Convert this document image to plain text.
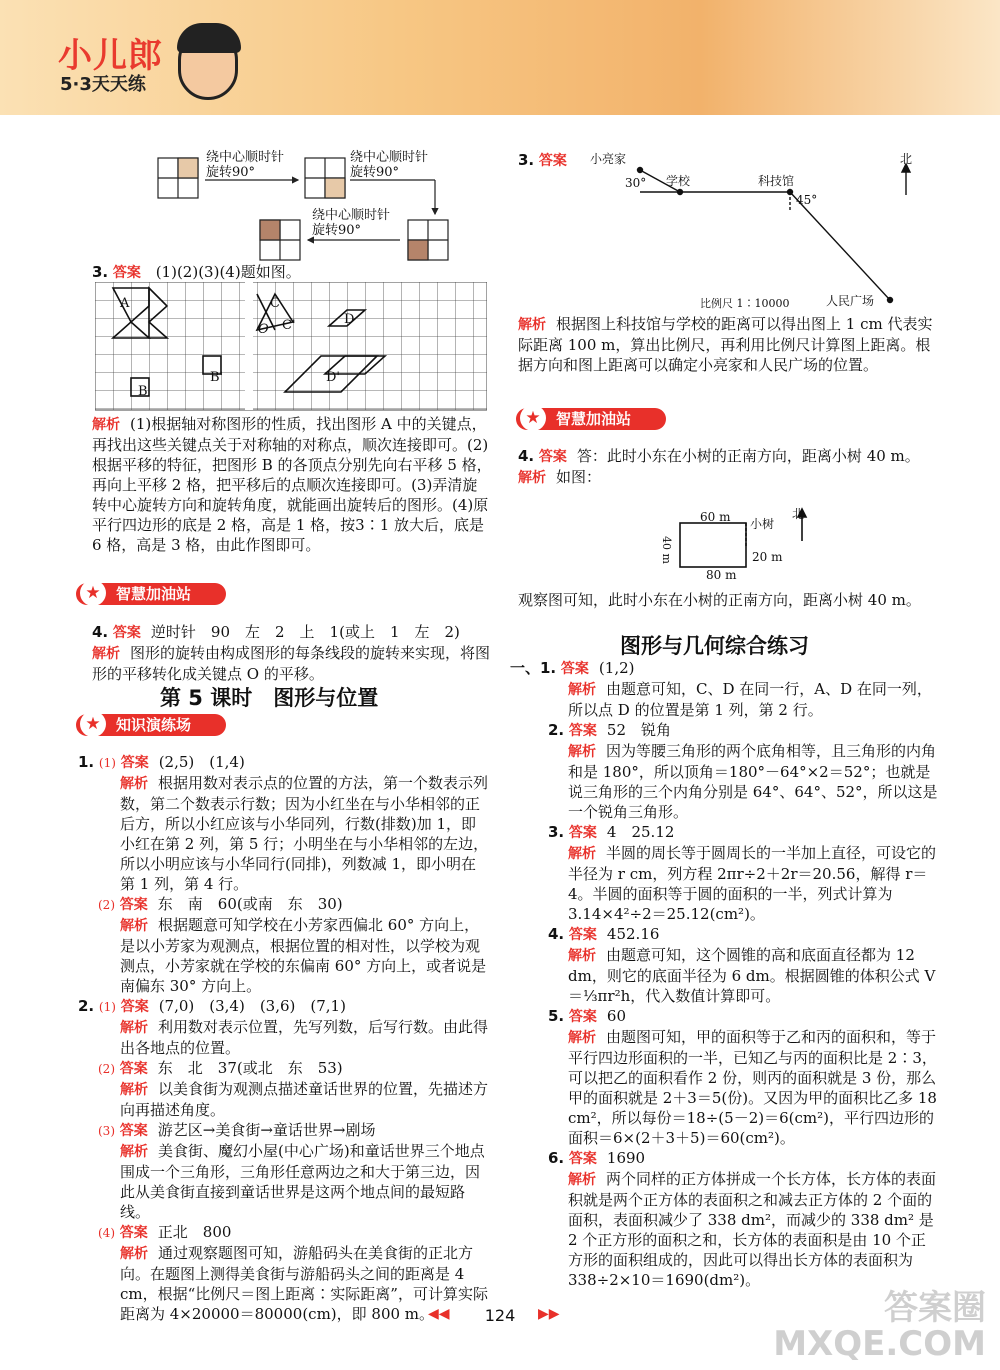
小儿郎
5·3天天练
绕中心顺时针
旋转90°
绕中心顺时针
旋转90°
绕中心顺时针
旋转90°
3. 答案 (1)(2)(3)(4)题如图。
A
O
C
C'	D
B
B'	D'
解析 (1)根据轴对称图形的性质，找出图形 A 中的关键点，再找出这些关键点关于对称轴的对称点，顺次连接即可。(2)根据平移的特征，把图形 B 的各顶点分别先向右平移 5 格，再向上平移 2 格，把平移后的点顺次连接即可。(3)弄清旋转中心旋转方向和旋转角度，就能画出旋转后的图形。(4)原平行四边形的底是 2 格，高是 1 格，按3∶1 放大后，底是 6 格，高是 3 格，由此作图即可。
★	智慧加油站
4. 答案 逆时针　90　左　2　上　1(或上　1　左　2)
解析 图形的旋转由构成图形的每条线段的旋转来实现，将图形的平移转化成关键点 O 的平移。
第 5 课时　图形与位置
★	知识演练场
1. (1) 答案 (2,5)　(1,4)
解析 根据用数对表示点的位置的方法，第一个数表示列数，第二个数表示行数；因为小红坐在与小华相邻的正后方，所以小红应该与小华同列，行数(排数)加 1，即小红在第 2 列，第 5 行；小明坐在与小华相邻的左边，所以小明应该与小华同行(同排)，列数减 1，即小明在第 1 列，第 4 行。
(2) 答案 东　南　60(或南　东　30)
解析 根据题意可知学校在小芳家西偏北 60° 方向上，是以小芳家为观测点，根据位置的相对性，以学校为观测点，小芳家就在学校的东偏南 60° 方向上，或者说是南偏东 30° 方向上。
2. (1) 答案 (7,0)　(3,4)　(3,6)　(7,1)
解析 利用数对表示位置，先写列数，后写行数。由此得出各地点的位置。
(2) 答案 东　北　37(或北　东　53)
解析 以美食街为观测点描述童话世界的位置，先描述方向再描述角度。
(3) 答案 游艺区→美食街→童话世界→剧场
解析 美食街、魔幻小屋(中心广场)和童话世界三个地点围成一个三角形，三角形任意两边之和大于第三边，因此从美食街直接到童话世界是这两个地点间的最短路线。
(4) 答案 正北　800
解析 通过观察题图可知，游船码头在美食街的正北方向。在题图上测得美食街与游船码头之间的距离是 4 cm，根据“比例尺＝图上距离∶实际距离”，可计算实际距离为 4×20000＝80000(cm)，即 800 m。
3. 答案	小亮家
30° 学校	科技馆
45°
北
比例尺 1∶10000	人民广场
解析 根据图上科技馆与学校的距离可以得出图上 1 cm 代表实际距离 100 m，算出比例尺，再利用比例尺计算图上距离。根据方向和图上距离可以确定小亮家和人民广场的位置。
★	智慧加油站
4. 答案 答：此时小东在小树的正南方向，距离小树 40 m。
解析 如图：
60 m 小树
北
40 m	20 m
80 m
观察图可知，此时小东在小树的正南方向，距离小树 40 m。
图形与几何综合练习
一、1. 答案 (1,2)
解析 由题意可知，C、D 在同一行，A、D 在同一列，所以点 D 的位置是第 1 列，第 2 行。
2. 答案 52　锐角
解析 因为等腰三角形的两个底角相等，且三角形的内角和是 180°，所以顶角＝180°－64°×2＝52°；也就是说三角形的三个内角分别是 64°、64°、52°，所以这是一个锐角三角形。
3. 答案 4　25.12
解析 半圆的周长等于圆周长的一半加上直径，可设它的半径为 r cm，列方程 2πr÷2＋2r＝20.56，解得 r＝4。半圆的面积等于圆的面积的一半，列式计算为 3.14×4²÷2＝25.12(cm²)。
4. 答案 452.16
解析 由题意可知，这个圆锥的高和底面直径都为 12 dm，则它的底面半径为 6 dm。根据圆锥的体积公式 V＝⅓πr²h，代入数值计算即可。
5. 答案 60
解析 由题图可知，甲的面积等于乙和丙的面积和，等于平行四边形面积的一半，已知乙与丙的面积比是 2∶3，可以把乙的面积看作 2 份，则丙的面积就是 3 份，那么甲的面积就是 2＋3＝5(份)。又因为甲的面积比乙多 18 cm²，所以每份＝18÷(5－2)＝6(cm²)，平行四边形的面积＝6×(2＋3＋5)＝60(cm²)。
6. 答案 1690
解析 两个同样的正方体拼成一个长方体，长方体的表面积就是两个正方体的表面积之和减去正方体的 2 个面的面积，表面积减少了 338 dm²，而减少的 338 dm² 是 2 个正方形的面积之和，长方体的表面积是由 10 个正方形的面积组成的，因此可以得出长方体的表面积为 338÷2×10＝1690(dm²)。
◀◀	124	▶▶	答案圈
MXQE.COM
